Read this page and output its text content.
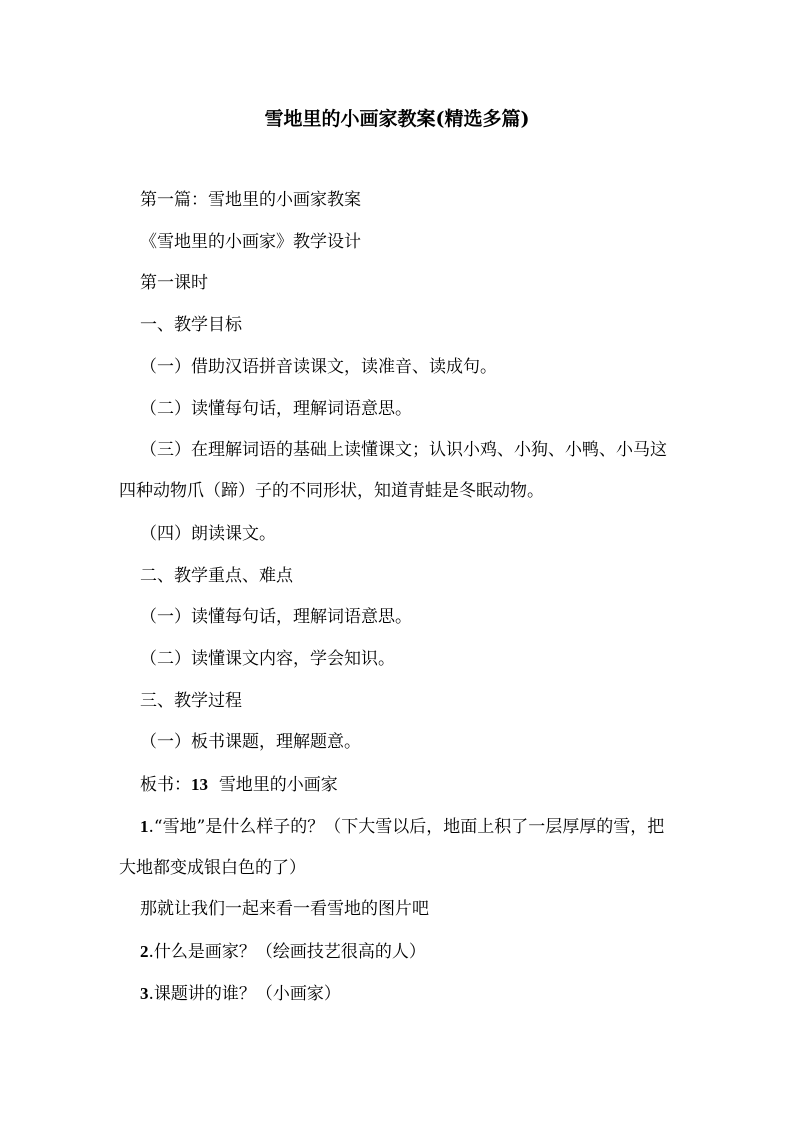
雪地里的小画家教案(精选多篇)
第一篇：雪地里的小画家教案
《雪地里的小画家》教学设计
第一课时
一、教学目标
（一）借助汉语拼音读课文，读准音、读成句。
（二）读懂每句话，理解词语意思。
（三）在理解词语的基础上读懂课文；认识小鸡、小狗、小鸭、小马这四种动物爪（蹄）子的不同形状，知道青蛙是冬眠动物。
（四）朗读课文。
二、教学重点、难点
（一）读懂每句话，理解词语意思。
（二）读懂课文内容，学会知识。
三、教学过程
（一）板书课题，理解题意。
板书：13 雪地里的小画家
1.“雪地”是什么样子的？（下大雪以后，地面上积了一层厚厚的雪，把大地都变成银白色的了）
那就让我们一起来看一看雪地的图片吧
2.什么是画家？（绘画技艺很高的人）
3.课题讲的谁？（小画家）
